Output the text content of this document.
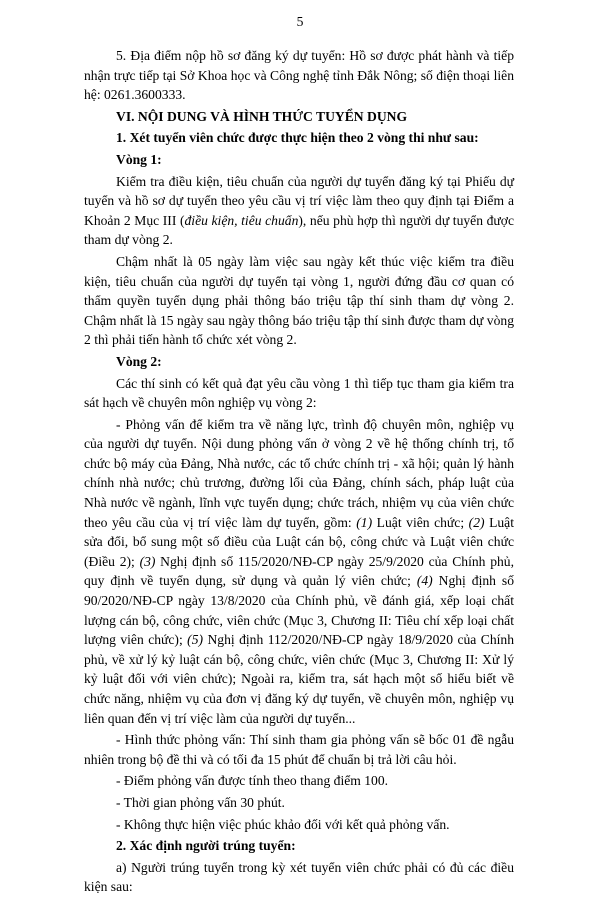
5

5. Địa điểm nộp hồ sơ đăng ký dự tuyển: Hồ sơ được phát hành và tiếp nhận trực tiếp tại Sở Khoa học và Công nghệ tỉnh Đắk Nông; số điện thoại liên hệ: 0261.3600333.

VI. NỘI DUNG VÀ HÌNH THỨC TUYỂN DỤNG

1. Xét tuyển viên chức được thực hiện theo 2 vòng thi như sau:

Vòng 1:

Kiểm tra điều kiện, tiêu chuẩn của người dự tuyển đăng ký tại Phiếu dự tuyển và hồ sơ dự tuyển theo yêu cầu vị trí việc làm theo quy định tại Điểm a Khoản 2 Mục III (điều kiện, tiêu chuẩn), nếu phù hợp thì người dự tuyển được tham dự vòng 2.

Chậm nhất là 05 ngày làm việc sau ngày kết thúc việc kiểm tra điều kiện, tiêu chuẩn của người dự tuyển tại vòng 1, người đứng đầu cơ quan có thẩm quyền tuyển dụng phải thông báo triệu tập thí sinh tham dự vòng 2. Chậm nhất là 15 ngày sau ngày thông báo triệu tập thí sinh được tham dự vòng 2 thì phải tiến hành tổ chức xét vòng 2.

Vòng 2:

Các thí sinh có kết quả đạt yêu cầu vòng 1 thì tiếp tục tham gia kiểm tra sát hạch về chuyên môn nghiệp vụ vòng 2:

- Phỏng vấn để kiểm tra về năng lực, trình độ chuyên môn, nghiệp vụ của người dự tuyển. Nội dung phỏng vấn ở vòng 2 về hệ thống chính trị, tổ chức bộ máy của Đảng, Nhà nước, các tổ chức chính trị - xã hội; quản lý hành chính nhà nước; chủ trương, đường lối của Đảng, chính sách, pháp luật của Nhà nước về ngành, lĩnh vực tuyển dụng; chức trách, nhiệm vụ của viên chức theo yêu cầu của vị trí việc làm dự tuyển, gồm: (1) Luật viên chức; (2) Luật sửa đổi, bổ sung một số điều của Luật cán bộ, công chức và Luật viên chức (Điều 2); (3) Nghị định số 115/2020/NĐ-CP ngày 25/9/2020 của Chính phủ, quy định về tuyển dụng, sử dụng và quản lý viên chức; (4) Nghị định số 90/2020/NĐ-CP ngày 13/8/2020 của Chính phủ, về đánh giá, xếp loại chất lượng cán bộ, công chức, viên chức (Mục 3, Chương II: Tiêu chí xếp loại chất lượng viên chức); (5) Nghị định 112/2020/NĐ-CP ngày 18/9/2020 của Chính phủ, về xử lý kỷ luật cán bộ, công chức, viên chức (Mục 3, Chương II: Xử lý kỷ luật đối với viên chức); Ngoài ra, kiểm tra, sát hạch một số hiểu biết về chức năng, nhiệm vụ của đơn vị đăng ký dự tuyển, về chuyên môn, nghiệp vụ liên quan đến vị trí việc làm của người dự tuyển...

- Hình thức phỏng vấn: Thí sinh tham gia phỏng vấn sẽ bốc 01 đề ngẫu nhiên trong bộ đề thi và có tối đa 15 phút để chuẩn bị trả lời câu hỏi.

- Điểm phỏng vấn được tính theo thang điểm 100.

- Thời gian phỏng vấn 30 phút.

- Không thực hiện việc phúc khảo đối với kết quả phỏng vấn.

2. Xác định người trúng tuyển:

a) Người trúng tuyển trong kỳ xét tuyển viên chức phải có đủ các điều kiện sau:
